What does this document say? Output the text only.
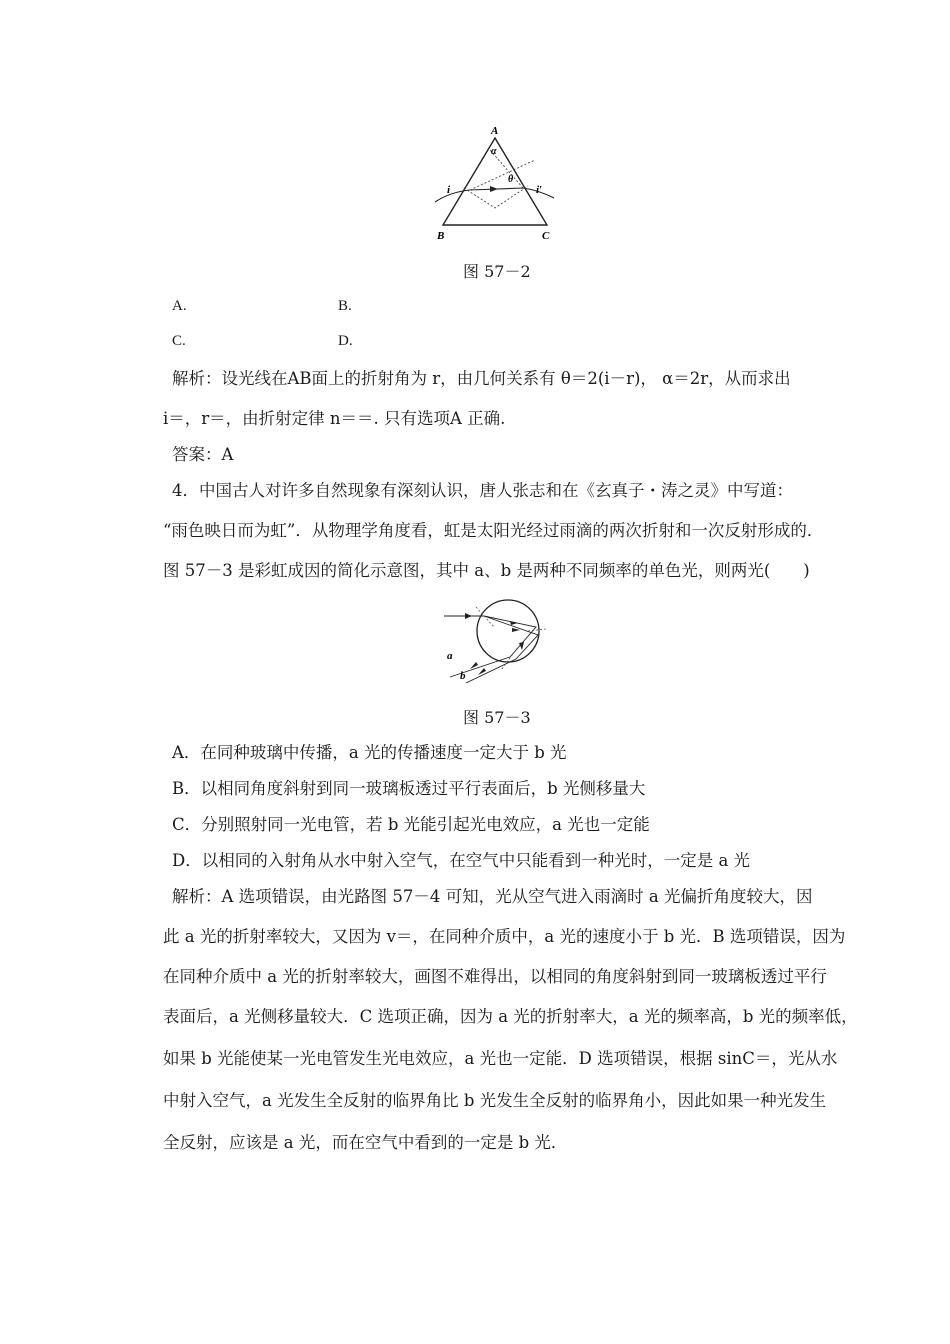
A
α
θ
i	i′
B	C
图 57－2
A.	B.
C.	D.
解析：设光线在AB面上的折射角为 r，由几何关系有 θ＝2(i－r)， α＝2r，从而求出
i＝，r＝，由折射定律 n＝＝. 只有选项A 正确.
答案：A
4．中国古人对许多自然现象有深刻认识，唐人张志和在《玄真子・涛之灵》中写道：
“雨色映日而为虹”．从物理学角度看，虹是太阳光经过雨滴的两次折射和一次反射形成的．
图 57－3 是彩虹成因的简化示意图，其中 a、b 是两种不同频率的单色光，则两光(　　)
a
b
图 57－3
A．在同种玻璃中传播，a 光的传播速度一定大于 b 光
B．以相同角度斜射到同一玻璃板透过平行表面后，b 光侧移量大
C．分别照射同一光电管，若 b 光能引起光电效应，a 光也一定能
D．以相同的入射角从水中射入空气，在空气中只能看到一种光时，一定是 a 光
解析：A 选项错误，由光路图 57－4 可知，光从空气进入雨滴时 a 光偏折角度较大，因
此 a 光的折射率较大，又因为 v＝，在同种介质中，a 光的速度小于 b 光．B 选项错误，因为
在同种介质中 a 光的折射率较大，画图不难得出，以相同的角度斜射到同一玻璃板透过平行
表面后，a 光侧移量较大．C 选项正确，因为 a 光的折射率大，a 光的频率高，b 光的频率低，
如果 b 光能使某一光电管发生光电效应，a 光也一定能．D 选项错误，根据 sinC＝，光从水
中射入空气，a 光发生全反射的临界角比 b 光发生全反射的临界角小，因此如果一种光发生
全反射，应该是 a 光，而在空气中看到的一定是 b 光．
